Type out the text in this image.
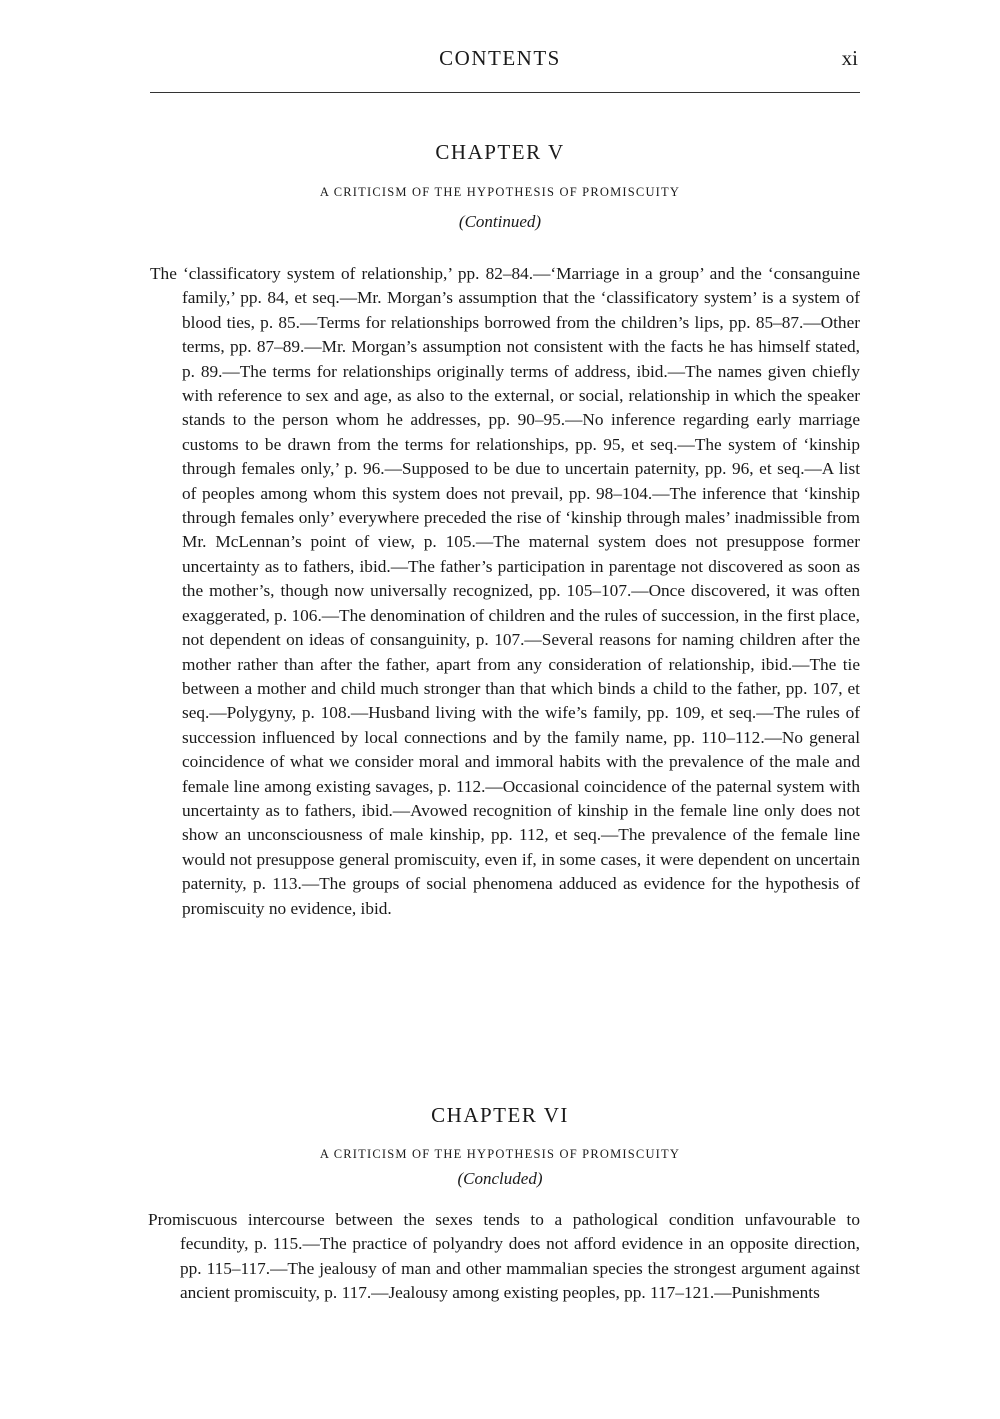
CONTENTS	xi
CHAPTER V

A CRITICISM OF THE HYPOTHESIS OF PROMISCUITY

(Continued)

The ‘classificatory system of relationship,’ pp. 82–84.—‘Marriage in a group’ and the ‘consanguine family,’ pp. 84, et seq.—Mr. Morgan’s assumption that the ‘classificatory system’ is a system of blood ties, p. 85.—Terms for relationships borrowed from the children’s lips, pp. 85–87.—Other terms, pp. 87–89.—Mr. Morgan’s assumption not consistent with the facts he has himself stated, p. 89.—The terms for relationships originally terms of address, ibid.—The names given chiefly with reference to sex and age, as also to the external, or social, relationship in which the speaker stands to the person whom he addresses, pp. 90–95.—No inference regarding early marriage customs to be drawn from the terms for relationships, pp. 95, et seq.—The system of ‘kinship through females only,’ p. 96.—Supposed to be due to uncertain paternity, pp. 96, et seq.—A list of peoples among whom this system does not prevail, pp. 98–104.—The inference that ‘kinship through females only’ everywhere preceded the rise of ‘kinship through males’ inadmissible from Mr. McLennan’s point of view, p. 105.—The maternal system does not presuppose former uncertainty as to fathers, ibid.—The father’s participation in parentage not discovered as soon as the mother’s, though now universally recognized, pp. 105–107.—Once discovered, it was often exaggerated, p. 106.—The denomination of children and the rules of succession, in the first place, not dependent on ideas of consanguinity, p. 107.—Several reasons for naming children after the mother rather than after the father, apart from any consideration of relationship, ibid.—The tie between a mother and child much stronger than that which binds a child to the father, pp. 107, et seq.—Polygyny, p. 108.—Husband living with the wife’s family, pp. 109, et seq.—The rules of succession influenced by local connections and by the family name, pp. 110–112.—No general coincidence of what we consider moral and immoral habits with the prevalence of the male and female line among existing savages, p. 112.—Occasional coincidence of the paternal system with uncertainty as to fathers, ibid.—Avowed recognition of kinship in the female line only does not show an unconsciousness of male kinship, pp. 112, et seq.—The prevalence of the female line would not presuppose general promiscuity, even if, in some cases, it were dependent on uncertain paternity, p. 113.—The groups of social phenomena adduced as evidence for the hypothesis of promiscuity no evidence, ibid.

CHAPTER VI

A CRITICISM OF THE HYPOTHESIS OF PROMISCUITY

(Concluded)

Promiscuous intercourse between the sexes tends to a pathological condition unfavourable to fecundity, p. 115.—The practice of polyandry does not afford evidence in an opposite direction, pp. 115–117.—The jealousy of man and other mammalian species the strongest argument against ancient promiscuity, p. 117.—Jealousy among existing peoples, pp. 117–121.—Punishments
